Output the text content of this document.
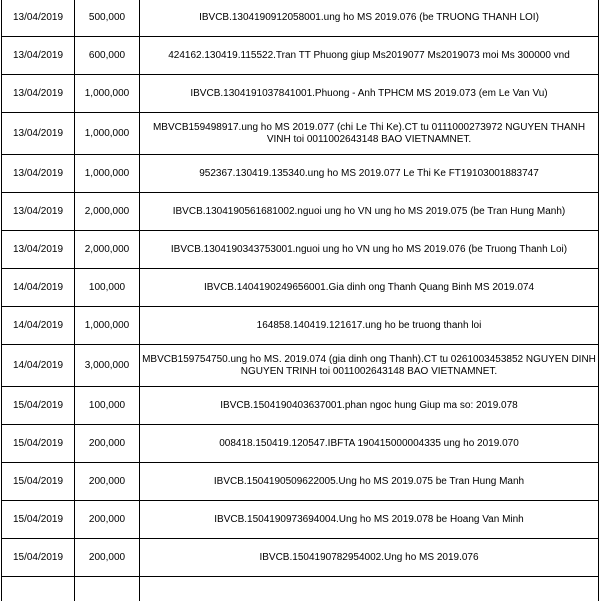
13/04/2019	500,000	IBVCB.1304190912058001.ung ho MS 2019.076 (be TRUONG THANH LOI)
13/04/2019	600,000	424162.130419.115522.Tran TT Phuong giup Ms2019077 Ms2019073 moi Ms 300000 vnd
13/04/2019	1,000,000	IBVCB.1304191037841001.Phuong - Anh TPHCM MS 2019.073 (em Le Van Vu)
13/04/2019	1,000,000	MBVCB159498917.ung ho MS 2019.077 (chi Le Thi Ke).CT tu 0111000273972 NGUYEN THANH VINH toi 0011002643148 BAO VIETNAMNET.
13/04/2019	1,000,000	952367.130419.135340.ung ho MS 2019.077 Le Thi Ke FT19103001883747
13/04/2019	2,000,000	IBVCB.1304190561681002.nguoi ung ho VN ung ho MS 2019.075 (be Tran Hung Manh)
13/04/2019	2,000,000	IBVCB.1304190343753001.nguoi ung ho VN ung ho MS 2019.076 (be Truong Thanh Loi)
14/04/2019	100,000	IBVCB.1404190249656001.Gia dinh ong Thanh Quang Binh MS 2019.074
14/04/2019	1,000,000	164858.140419.121617.ung ho be truong thanh loi
14/04/2019	3,000,000	MBVCB159754750.ung ho MS. 2019.074 (gia dinh ong Thanh).CT tu 0261003453852 NGUYEN DINH NGUYEN TRINH toi 0011002643148 BAO VIETNAMNET.
15/04/2019	100,000	IBVCB.1504190403637001.phan ngoc hung Giup ma so: 2019.078
15/04/2019	200,000	008418.150419.120547.IBFTA 190415000004335 ung ho 2019.070
15/04/2019	200,000	IBVCB.1504190509622005.Ung ho MS 2019.075 be Tran Hung Manh
15/04/2019	200,000	IBVCB.1504190973694004.Ung ho MS 2019.078 be Hoang Van Minh
15/04/2019	200,000	IBVCB.1504190782954002.Ung ho MS 2019.076
